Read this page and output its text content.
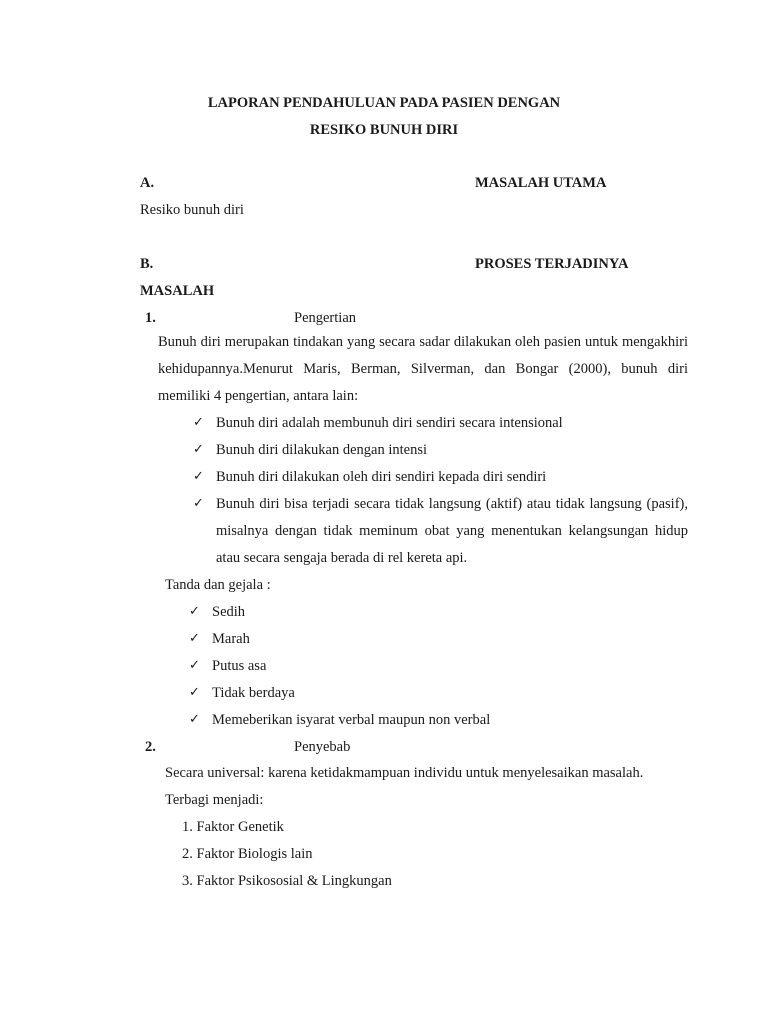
LAPORAN PENDAHULUAN PADA PASIEN DENGAN
RESIKO BUNUH DIRI
A.	MASALAH UTAMA
Resiko bunuh diri
B.	PROSES TERJADINYA
MASALAH
1.	Pengertian
Bunuh diri merupakan tindakan yang secara sadar dilakukan oleh pasien untuk mengakhiri kehidupannya.Menurut Maris, Berman, Silverman, dan Bongar (2000), bunuh diri memiliki 4 pengertian, antara lain:
✓ Bunuh diri adalah membunuh diri sendiri secara intensional
✓ Bunuh diri dilakukan dengan intensi
✓ Bunuh diri dilakukan oleh diri sendiri kepada diri sendiri
✓ Bunuh diri bisa terjadi secara tidak langsung (aktif) atau tidak langsung (pasif), misalnya dengan tidak meminum obat yang menentukan kelangsungan hidup atau secara sengaja berada di rel kereta api.
Tanda dan gejala :
✓ Sedih
✓ Marah
✓ Putus asa
✓ Tidak berdaya
✓ Memeberikan isyarat verbal maupun non verbal
2.	Penyebab
Secara universal: karena ketidakmampuan individu untuk menyelesaikan masalah.
Terbagi menjadi:
1. Faktor Genetik
2. Faktor Biologis lain
3. Faktor Psikososial & Lingkungan
